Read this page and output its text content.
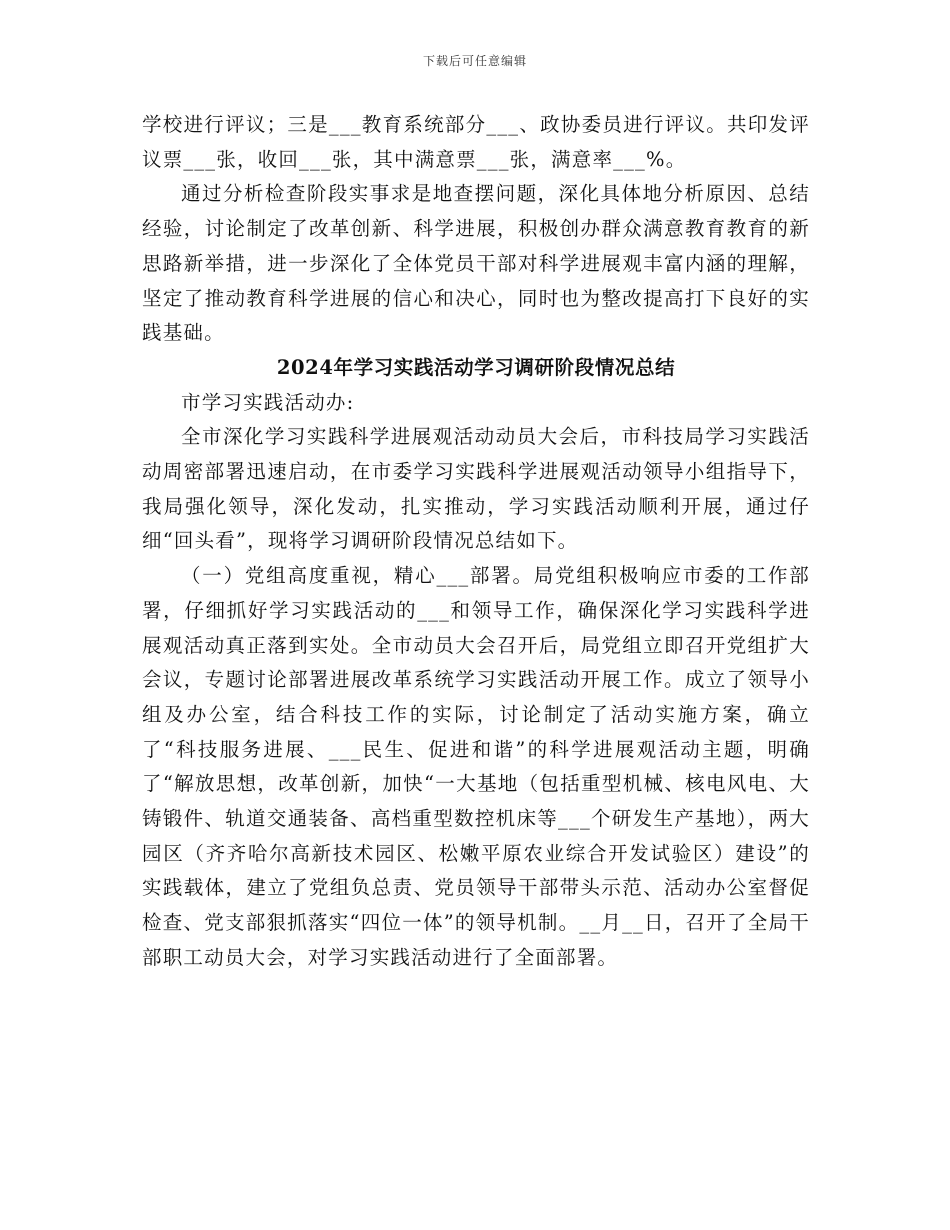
下载后可任意编辑

学校进行评议；三是___教育系统部分___、政协委员进行评议。共印发评议票___张，收回___张，其中满意票___张，满意率___%。

通过分析检查阶段实事求是地查摆问题，深化具体地分析原因、总结经验，讨论制定了改革创新、科学进展，积极创办群众满意教育教育的新思路新举措，进一步深化了全体党员干部对科学进展观丰富内涵的理解，坚定了推动教育科学进展的信心和决心，同时也为整改提高打下良好的实践基础。

2024年学习实践活动学习调研阶段情况总结

市学习实践活动办:

全市深化学习实践科学进展观活动动员大会后，市科技局学习实践活动周密部署迅速启动，在市委学习实践科学进展观活动领导小组指导下，我局强化领导，深化发动，扎实推动，学习实践活动顺利开展，通过仔细“回头看”，现将学习调研阶段情况总结如下。

（一）党组高度重视，精心___部署。局党组积极响应市委的工作部署，仔细抓好学习实践活动的___和领导工作，确保深化学习实践科学进展观活动真正落到实处。全市动员大会召开后，局党组立即召开党组扩大会议，专题讨论部署进展改革系统学习实践活动开展工作。成立了领导小组及办公室，结合科技工作的实际，讨论制定了活动实施方案，确立了“科技服务进展、___民生、促进和谐”的科学进展观活动主题，明确了“解放思想，改革创新，加快“一大基地（包括重型机械、核电风电、大铸锻件、轨道交通装备、高档重型数控机床等___个研发生产基地），两大园区（齐齐哈尔高新技术园区、松嫩平原农业综合开发试验区）建设”的实践载体，建立了党组负总责、党员领导干部带头示范、活动办公室督促检查、党支部狠抓落实“四位一体”的领导机制。__月__日，召开了全局干部职工动员大会，对学习实践活动进行了全面部署。
